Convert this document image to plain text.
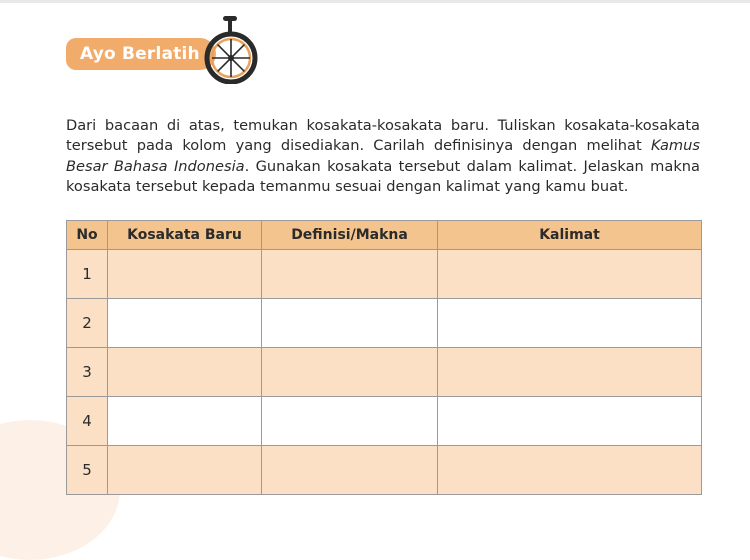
Ayo Berlatih

Dari bacaan di atas, temukan kosakata-kosakata baru. Tuliskan kosakata-kosakata tersebut pada kolom yang disediakan. Carilah definisinya dengan melihat Kamus Besar Bahasa Indonesia. Gunakan kosakata tersebut dalam kalimat. Jelaskan makna kosakata tersebut kepada temanmu sesuai dengan kalimat yang kamu buat.

No	Kosakata Baru	Definisi/Makna	Kalimat
1			
2			
3			
4			
5			
